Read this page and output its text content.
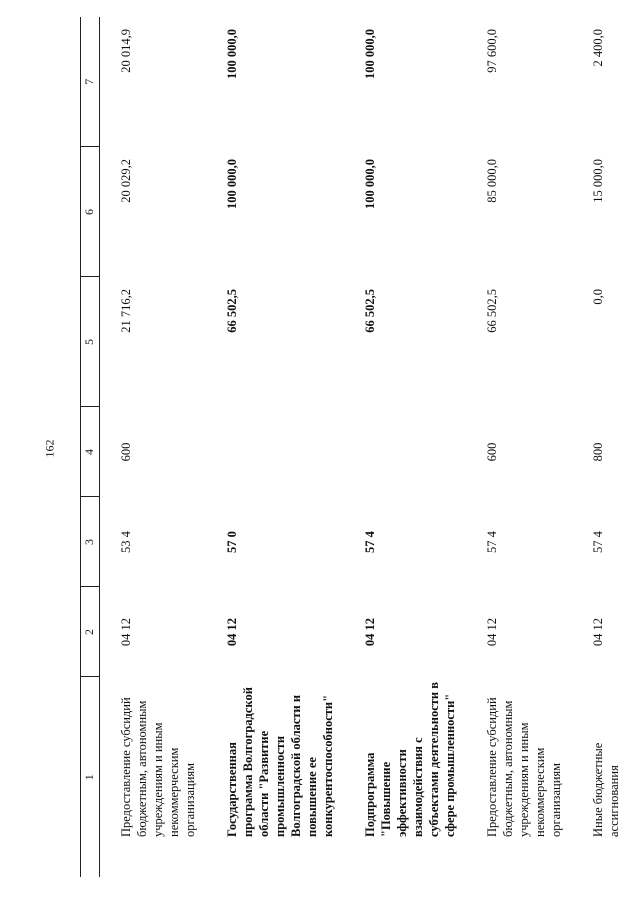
162
1	2	3	4	5	6	7
Предоставление субсидий бюджетным, автономным учреждениям и иным некоммерческим организациям	04 12	53 4	600	21 716,2	20 029,2	20 014,9
Государственная программа Волгоградской области "Развитие промышленности Волгоградской области и повышение ее конкурентоспособности"	04 12	57 0		66 502,5	100 000,0	100 000,0
Подпрограмма "Повышение эффективности взаимодействия с субъектами деятельности в сфере промышленности"	04 12	57 4		66 502,5	100 000,0	100 000,0
Предоставление субсидий бюджетным, автономным учреждениям и иным некоммерческим организациям	04 12	57 4	600	66 502,5	85 000,0	97 600,0
Иные бюджетные ассигнования	04 12	57 4	800	0,0	15 000,0	2 400,0
